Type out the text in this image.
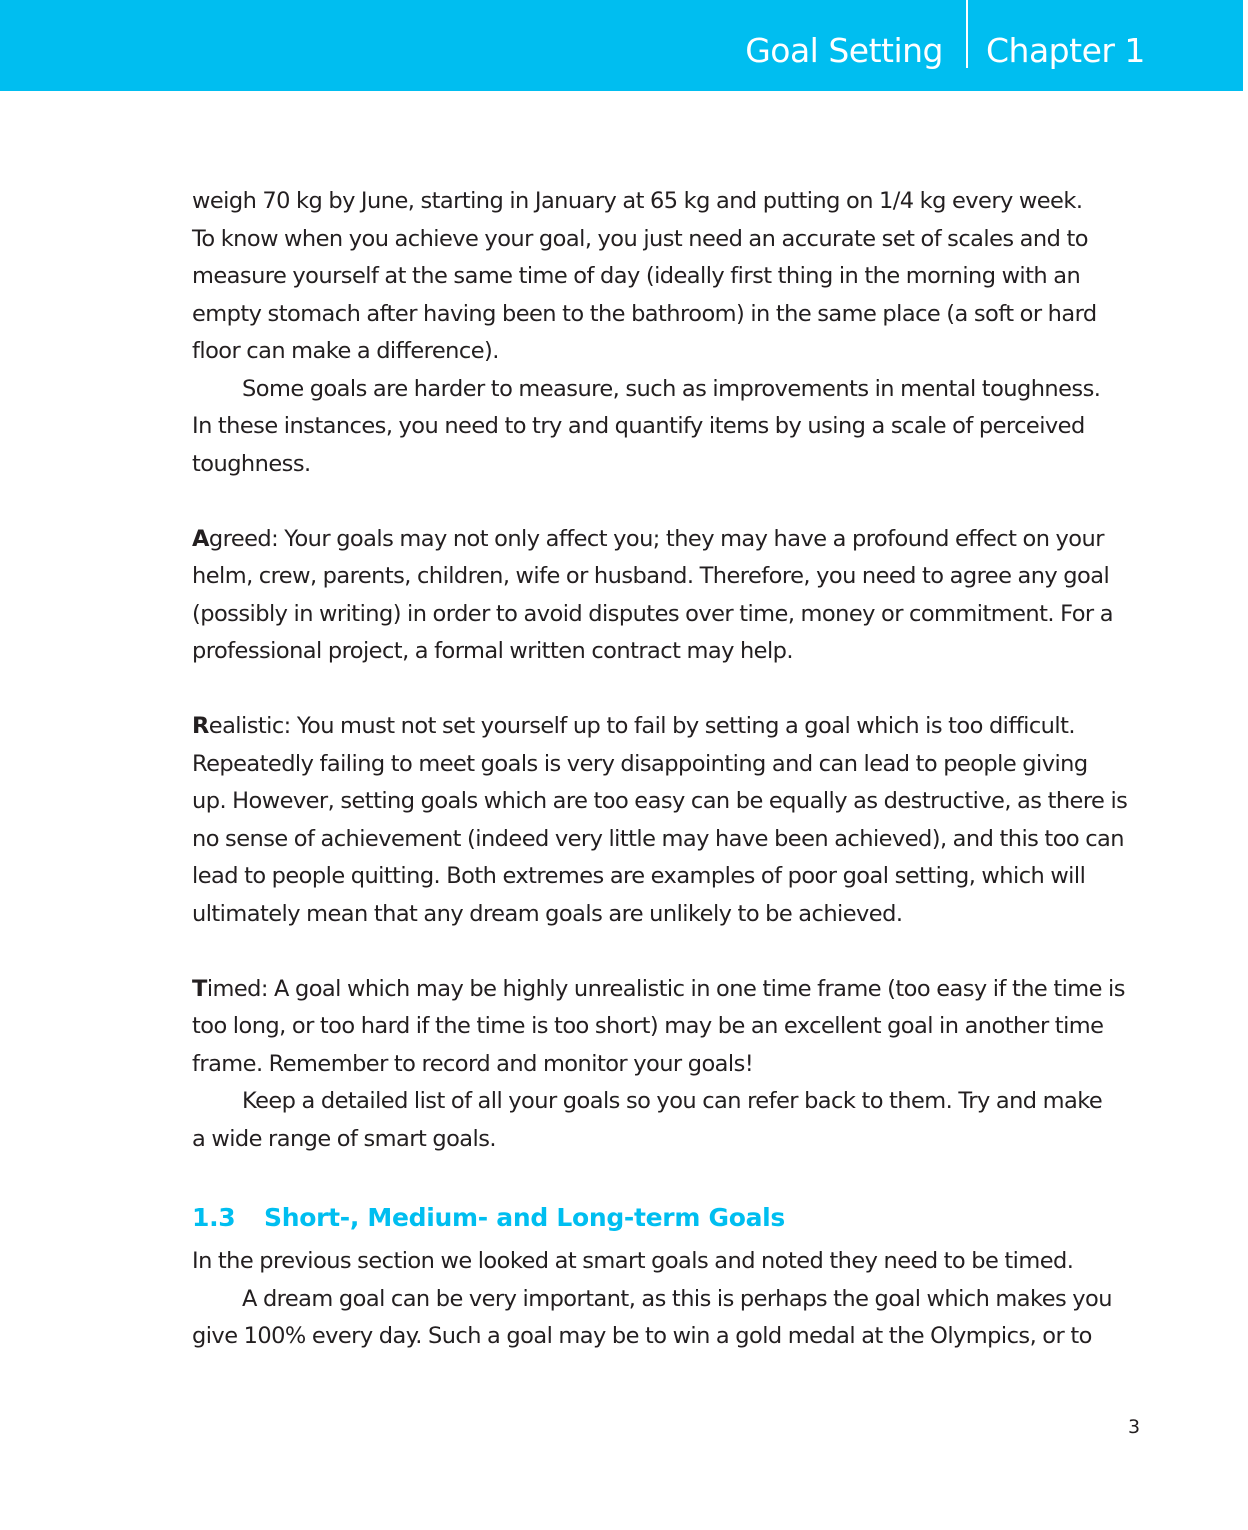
Goal Setting Chapter 1

weigh 70 kg by June, starting in January at 65 kg and putting on 1/4 kg every week.
To know when you achieve your goal, you just need an accurate set of scales and to
measure yourself at the same time of day (ideally first thing in the morning with an
empty stomach after having been to the bathroom) in the same place (a soft or hard
floor can make a difference).

Some goals are harder to measure, such as improvements in mental toughness.
In these instances, you need to try and quantify items by using a scale of perceived
toughness.

Agreed: Your goals may not only affect you; they may have a profound effect on your
helm, crew, parents, children, wife or husband. Therefore, you need to agree any goal
(possibly in writing) in order to avoid disputes over time, money or commitment. For a
professional project, a formal written contract may help.

Realistic: You must not set yourself up to fail by setting a goal which is too difficult.
Repeatedly failing to meet goals is very disappointing and can lead to people giving
up. However, setting goals which are too easy can be equally as destructive, as there is
no sense of achievement (indeed very little may have been achieved), and this too can
lead to people quitting. Both extremes are examples of poor goal setting, which will
ultimately mean that any dream goals are unlikely to be achieved.

Timed: A goal which may be highly unrealistic in one time frame (too easy if the time is
too long, or too hard if the time is too short) may be an excellent goal in another time
frame. Remember to record and monitor your goals!
Keep a detailed list of all your goals so you can refer back to them. Try and make
a wide range of smart goals.

1.3 Short-, Medium- and Long-term Goals

In the previous section we looked at smart goals and noted they need to be timed.
A dream goal can be very important, as this is perhaps the goal which makes you
give 100% every day. Such a goal may be to win a gold medal at the Olympics, or to

3
